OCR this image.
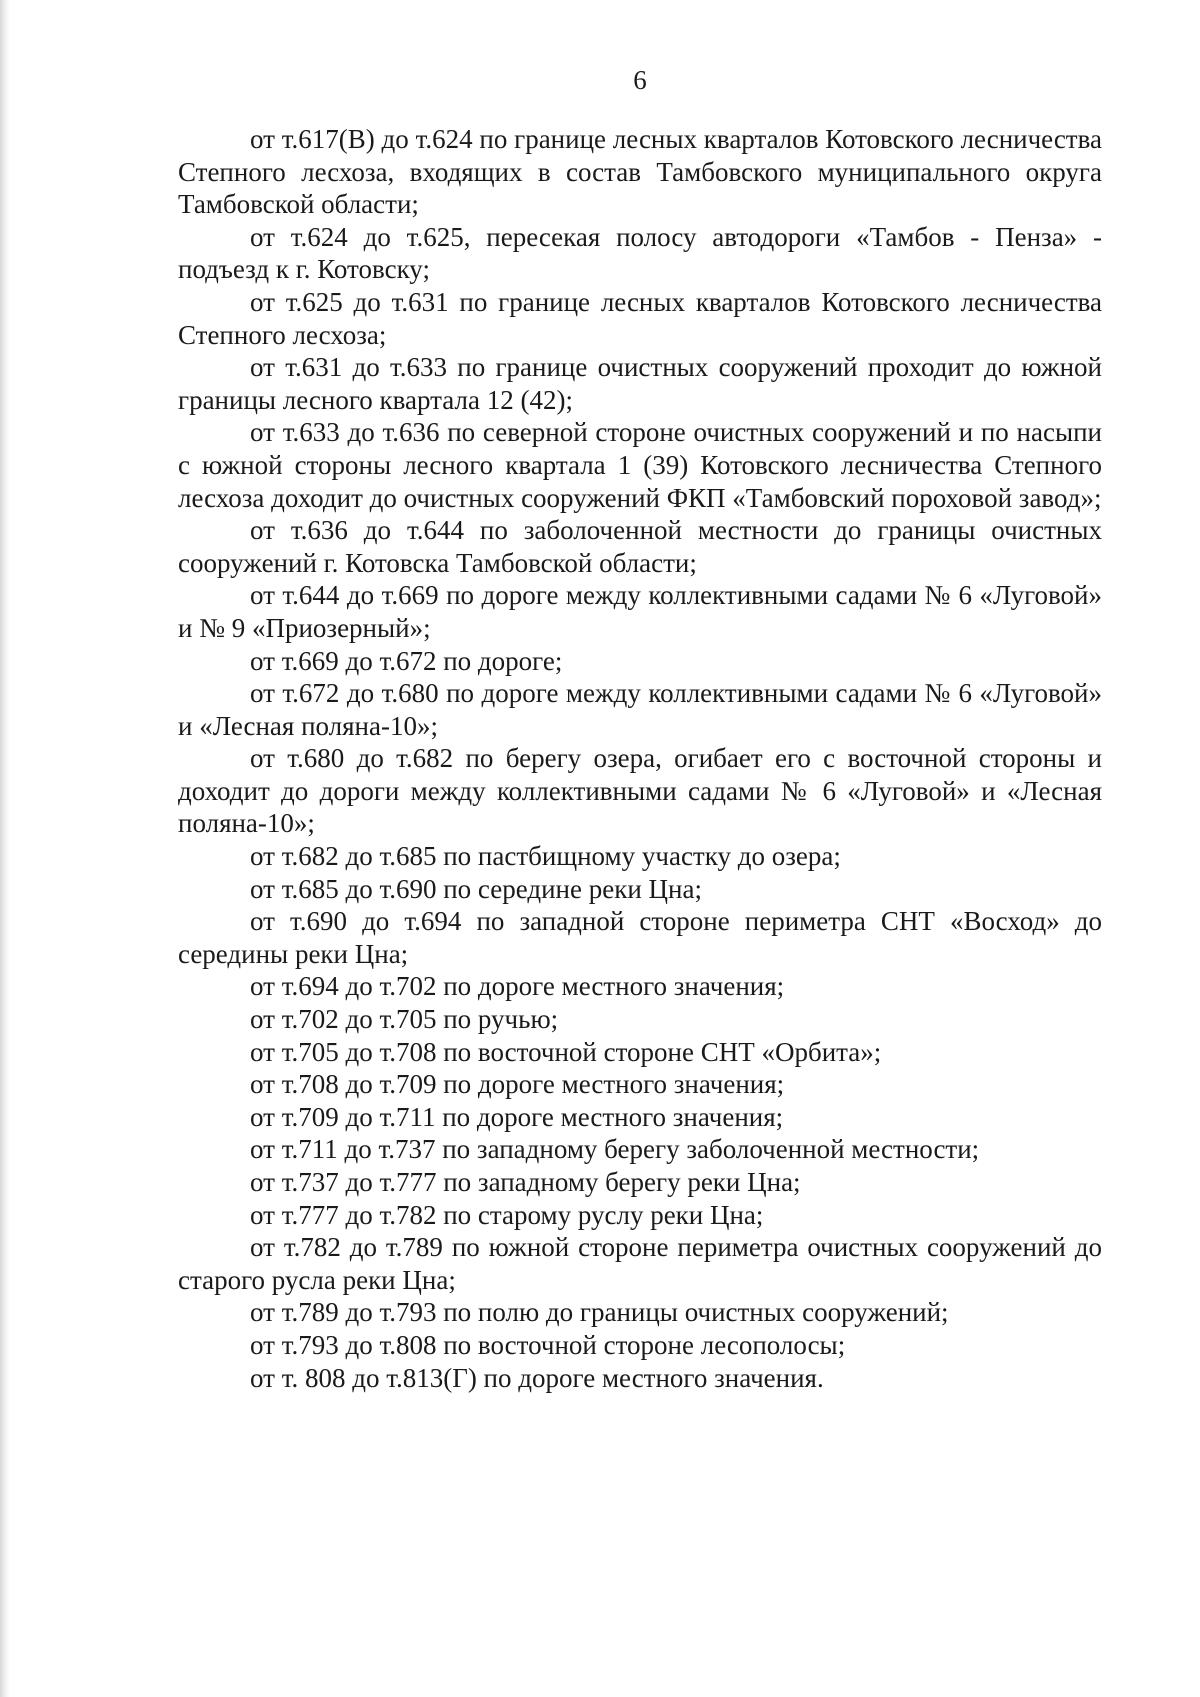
6

от т.617(В) до т.624 по границе лесных кварталов Котовского лесничества Степного лесхоза, входящих в состав Тамбовского муниципального округа Тамбовской области;

от т.624 до т.625, пересекая полосу автодороги «Тамбов - Пенза» - подъезд к г. Котовску;

от т.625 до т.631 по границе лесных кварталов Котовского лесничества Степного лесхоза;

от т.631 до т.633 по границе очистных сооружений проходит до южной границы лесного квартала 12 (42);

от т.633 до т.636 по северной стороне очистных сооружений и по насыпи с южной стороны лесного квартала 1 (39) Котовского лесничества Степного лесхоза доходит до очистных сооружений ФКП «Тамбовский пороховой завод»;

от т.636 до т.644 по заболоченной местности до границы очистных сооружений г. Котовска Тамбовской области;

от т.644 до т.669 по дороге между коллективными садами № 6 «Луговой» и № 9 «Приозерный»;

от т.669 до т.672 по дороге;

от т.672 до т.680 по дороге между коллективными садами № 6 «Луговой» и «Лесная поляна-10»;

от т.680 до т.682 по берегу озера, огибает его с восточной стороны и доходит до дороги между коллективными садами № 6 «Луговой» и «Лесная поляна-10»;

от т.682 до т.685 по пастбищному участку до озера;

от т.685 до т.690 по середине реки Цна;

от т.690 до т.694 по западной стороне периметра СНТ «Восход» до середины реки Цна;

от т.694 до т.702 по дороге местного значения;

от т.702 до т.705 по ручью;

от т.705 до т.708 по восточной стороне СНТ «Орбита»;

от т.708 до т.709 по дороге местного значения;

от т.709 до т.711 по дороге местного значения;

от т.711 до т.737 по западному берегу заболоченной местности;

от т.737 до т.777 по западному берегу реки Цна;

от т.777 до т.782 по старому руслу реки Цна;

от т.782 до т.789 по южной стороне периметра очистных сооружений до старого русла реки Цна;

от т.789 до т.793 по полю до границы очистных сооружений;

от т.793 до т.808 по восточной стороне лесополосы;

от т. 808 до т.813(Г) по дороге местного значения.
